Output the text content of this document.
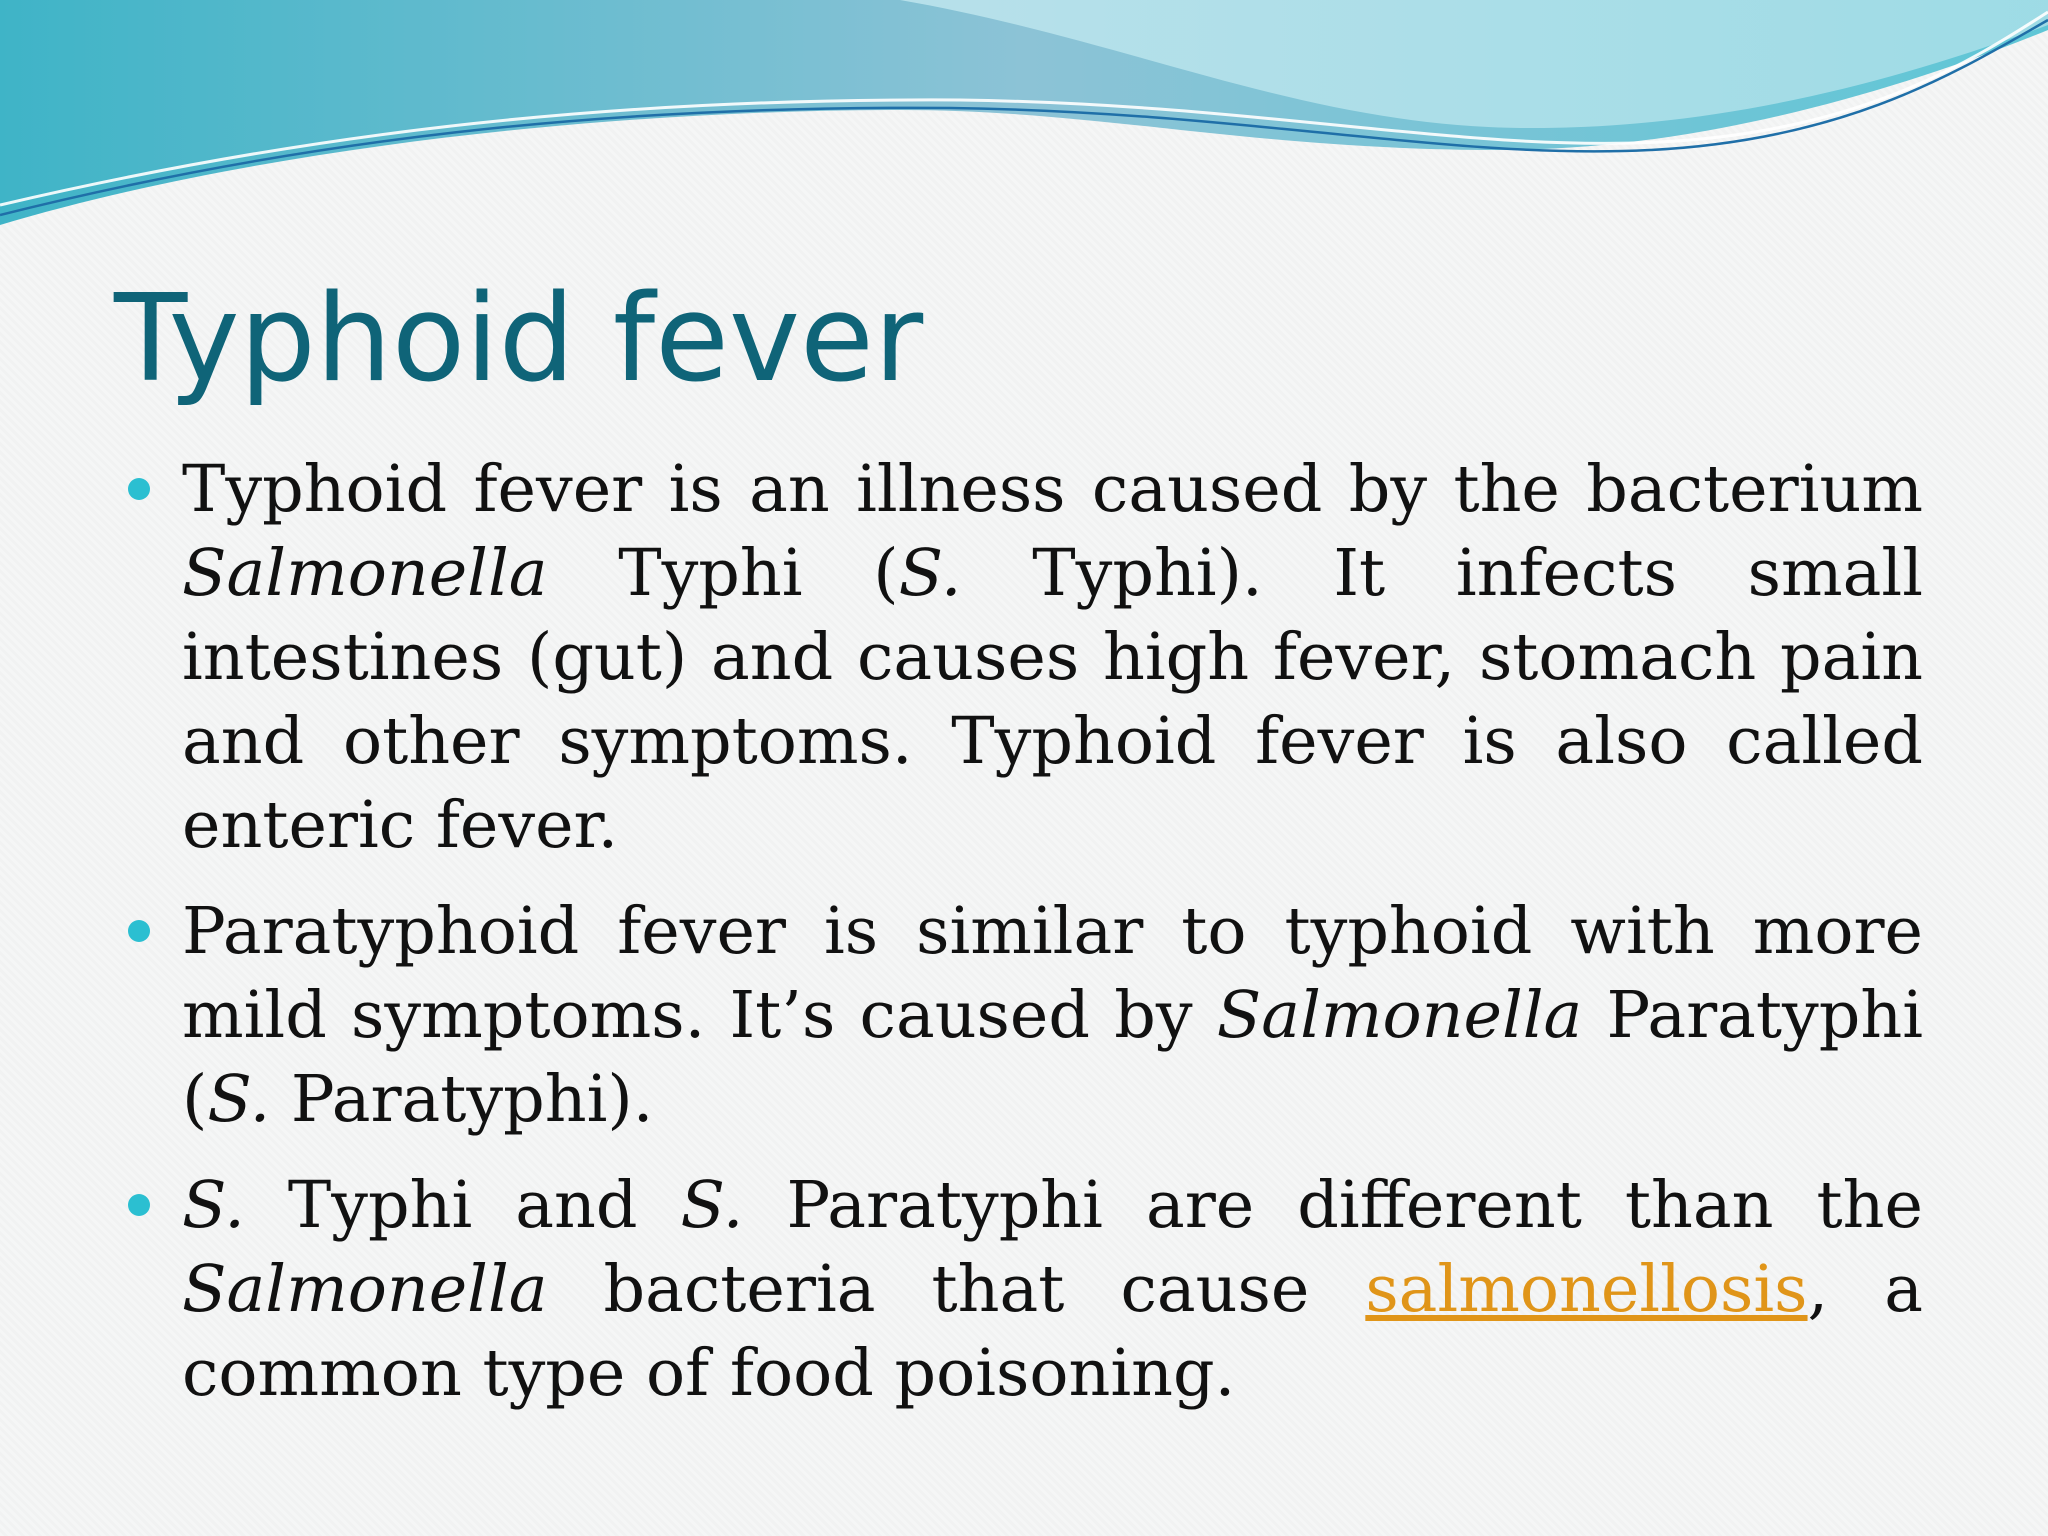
Typhoid fever
Typhoid fever is an illness caused by the bacterium Salmonella Typhi (S. Typhi). It infects small intestines (gut) and causes high fever, stomach pain and other symptoms. Typhoid fever is also called enteric fever.
Paratyphoid fever is similar to typhoid with more mild symptoms. It’s caused by Salmonella Paratyphi (S. Paratyphi).
S. Typhi and S. Paratyphi are different than the Salmonella bacteria that cause salmonellosis, a common type of food poisoning.
